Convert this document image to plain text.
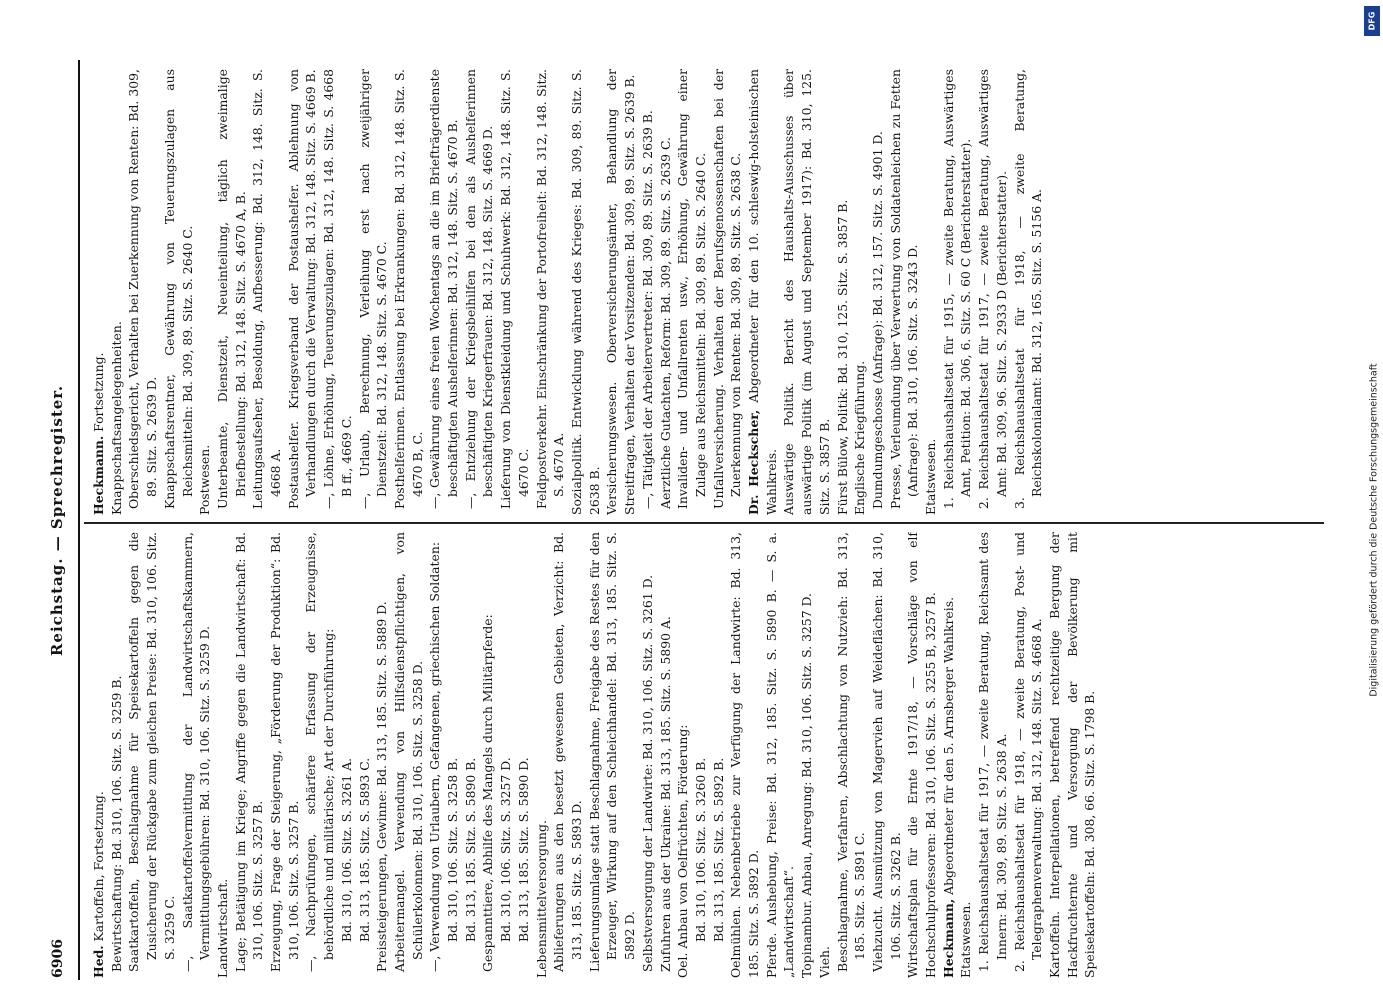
6906
Reichstag. — Sprechregister.

Hed. Kartoffeln, Fortsetzung. Bewirtschaftung: Bd. 310, 106. Sitz. S. 3259 B. Saatkartoffeln, Beschlagnahme für Speisekartoffeln gegen die Zusicherung der Rückgabe zum gleichen Preise: Bd. 310, 106. Sitz. S. 3259 C. —, Saatkartoffelvermittlung der Landwirtschaftskammern, Vermittlungsgebühren: Bd. 310, 106. Sitz. S. 3259 D. Landwirtschaft. Lage; Betätigung im Kriege; Angriffe gegen die Landwirtschaft: Bd. 310, 106. Sitz. S. 3257 B. Erzeugung, Frage der Steigerung, „Förderung der Produktion“: Bd. 310, 106. Sitz. S. 3257 B. —, Nachprüfungen, schärfere Erfassung der Erzeugnisse, behördliche und militärische; Art der Durchführung: Bd. 310, 106. Sitz. S. 3261 A. Bd. 313, 185. Sitz. S. 5893 C. Preissteigerungen, Gewinne: Bd. 313, 185. Sitz. S. 5889 D. Arbeitermangel. Verwendung von Hilfsdienstpflichtigen, von Schülerkolonnen: Bd. 310, 106. Sitz. S. 3258 D. —, Verwendung von Urlaubern, Gefangenen, griechischen Soldaten: Bd. 310, 106. Sitz. S. 3258 B. Bd. 313, 185. Sitz. S. 5890 B. Gespannttiere, Abhilfe des Mangels durch Militärpferde: Bd. 310, 106. Sitz. S. 3257 D. Bd. 313, 185. Sitz. S. 5890 D. Lebensmittelversorgung. Ablieferungen aus den besetzt gewesenen Gebieten, Verzicht: Bd. 313, 185. Sitz. S. 5893 D. Lieferungsumlage statt Beschlagnahme, Freigabe des Restes für den Erzeuger, Wirkung auf den Schleichhandel: Bd. 313, 185. Sitz. S. 5892 D. Selbstversorgung der Landwirte: Bd. 310, 106. Sitz. S. 3261 D. Zufuhren aus der Ukraine: Bd. 313, 185. Sitz. S. 5890 A. Oel. Anbau von Oelfrüchten, Förderung: Bd. 310, 106. Sitz. S. 3260 B. Bd. 313, 185. Sitz. S. 5892 B. Oelmühlen. Nebenbetriebe zur Verfügung der Landwirte: Bd. 313, 185. Sitz. S. 5892 D. Pferde. Aushebung, Preise: Bd. 312, 185. Sitz. S. 5890 B. — S. a. „Landwirtschaft“. Topinambur. Anbau, Anregung: Bd. 310, 106. Sitz. S. 3257 D. Vieh. Beschlagnahme, Verfahren, Abschlachtung von Nutzvieh: Bd. 313, 185. Sitz. S. 5891 C. Viehzucht. Ausmützung von Magervieh auf Weideflächen: Bd. 310, 106. Sitz. S. 3262 B. Wirtschaftsplan für die Ernte 1917/18, — Vorschläge von elf Hochschulprofessoren: Bd. 310, 106. Sitz. S. 3255 B, 3257 B. Heckmann, Abgeordneter für den 5. Arnsberger Wahlkreis.

Etatswesen. 1. Reichshaushaltsetat für 1917, — zweite Beratung, Reichsamt des Innern: Bd. 309, 89. Sitz. S. 2638 A. 2. Reichshaushaltsetat für 1918, — zweite Beratung, Post- und Telegraphenverwaltung: Bd. 312, 148. Sitz. S. 4668 A. Kartoffeln. Interpellationen, betreffend rechtzeitige Bergung der Hackfruchternte und Versorgung der Bevölkerung mit Speisekartoffeln: Bd. 308, 66. Sitz. S. 1798 B.

Heckmann. Fortsetzung. Knappschaftsangelegenheiten. Oberschiedsgericht, Verhalten bei Zuerkennung von Renten: Bd. 309, 89. Sitz. S. 2639 D. Knappschaftsrentner, Gewährung von Teuerungszulagen aus Reichsmitteln: Bd. 309, 89. Sitz. S. 2640 C. Postwesen. Unterbeamte, Dienstzeit, Neueinteilung, täglich zweimalige Briefbestellung: Bd. 312, 148. Sitz. S. 4670 A, B. Leitungsaufseher, Besoldung, Aufbesserung: Bd. 312, 148. Sitz. S. 4668 A. Postaushelfer. Kriegsverband der Postaushelfer. Ablehnung von Verhandlungen durch die Verwaltung: Bd. 312, 148. Sitz. S. 4669 B. —, Löhne, Erhöhung, Teuerungszulagen: Bd. 312, 148. Sitz. S. 4668 B ff., 4669 C. —, Urlaub, Berechnung, Verleihung erst nach zweijähriger Dienstzeit: Bd. 312, 148. Sitz. S. 4670 C. Posthelferinnen. Entlassung bei Erkrankungen: Bd. 312, 148. Sitz. S. 4670 B, C. —, Gewährung eines freien Wochentags an die im Briefträgerdienste beschäftigten Aushelferinnen: Bd. 312, 148. Sitz. S. 4670 B. —, Entziehung der Kriegsbeihilfen bei den als Aushelferinnen beschäftigten Kriegerfrauen: Bd. 312, 148. Sitz. S. 4669 D. Lieferung von Dienstkleidung und Schuhwerk: Bd. 312, 148. Sitz. S. 4670 C. Feldpostverkehr. Einschränkung der Portofreiheit: Bd. 312, 148. Sitz. S. 4670 A. Sozialpolitik. Entwicklung während des Krieges: Bd. 309, 89. Sitz. S. 2638 B. Versicherungswesen. Oberversicherungsämter, Behandlung der Streitfragen, Verhalten der Vorsitzenden: Bd. 309, 89. Sitz. S. 2639 B. —, Tätigkeit der Arbeitervertreter: Bd. 309, 89. Sitz. S. 2639 B. Aerztliche Gutachten, Reform: Bd. 309, 89. Sitz. S. 2639 C. Invaliden- und Unfallrenten usw., Erhöhung, Gewährung einer Zulage aus Reichsmitteln: Bd. 309, 89. Sitz. S. 2640 C. Unfallversicherung. Verhalten der Berufsgenossenschaften bei der Zuerkennung von Renten: Bd. 309, 89. Sitz. S. 2638 C. Dr. Heckscher, Abgeordneter für den 10. schleswig-holsteinischen Wahlkreis. Auswärtige Politik. Bericht des Haushalts-Ausschusses über auswärtige Politik (im August und September 1917): Bd. 310, 125. Sitz. S. 3857 B. Fürst Bülow, Politik: Bd. 310, 125. Sitz. S. 3857 B. Englische Kriegführung. Dumdumgeschosse (Anfrage): Bd. 312, 157. Sitz. S. 4901 D. Presse, Verleumdung über Verwertung von Soldatenleichen zu Fetten (Anfrage): Bd. 310, 106. Sitz. S. 3243 D. Etatswesen. 1. Reichshaushaltsetat für 1915, — zweite Beratung, Auswärtiges Amt, Petition: Bd. 306, 6. Sitz. S. 60 C (Berichterstatter). 2. Reichshaushaltsetat für 1917, — zweite Beratung, Auswärtiges Amt: Bd. 309, 96. Sitz. S. 2933 D (Berichterstatter). 3. Reichshaushaltsetat für 1918, — zweite Beratung, Reichskolonialamt: Bd. 312, 165. Sitz. S. 5156 A.

DFG
Digitalisierung gefördert durch die Deutsche Forschungsgemeinschaft
